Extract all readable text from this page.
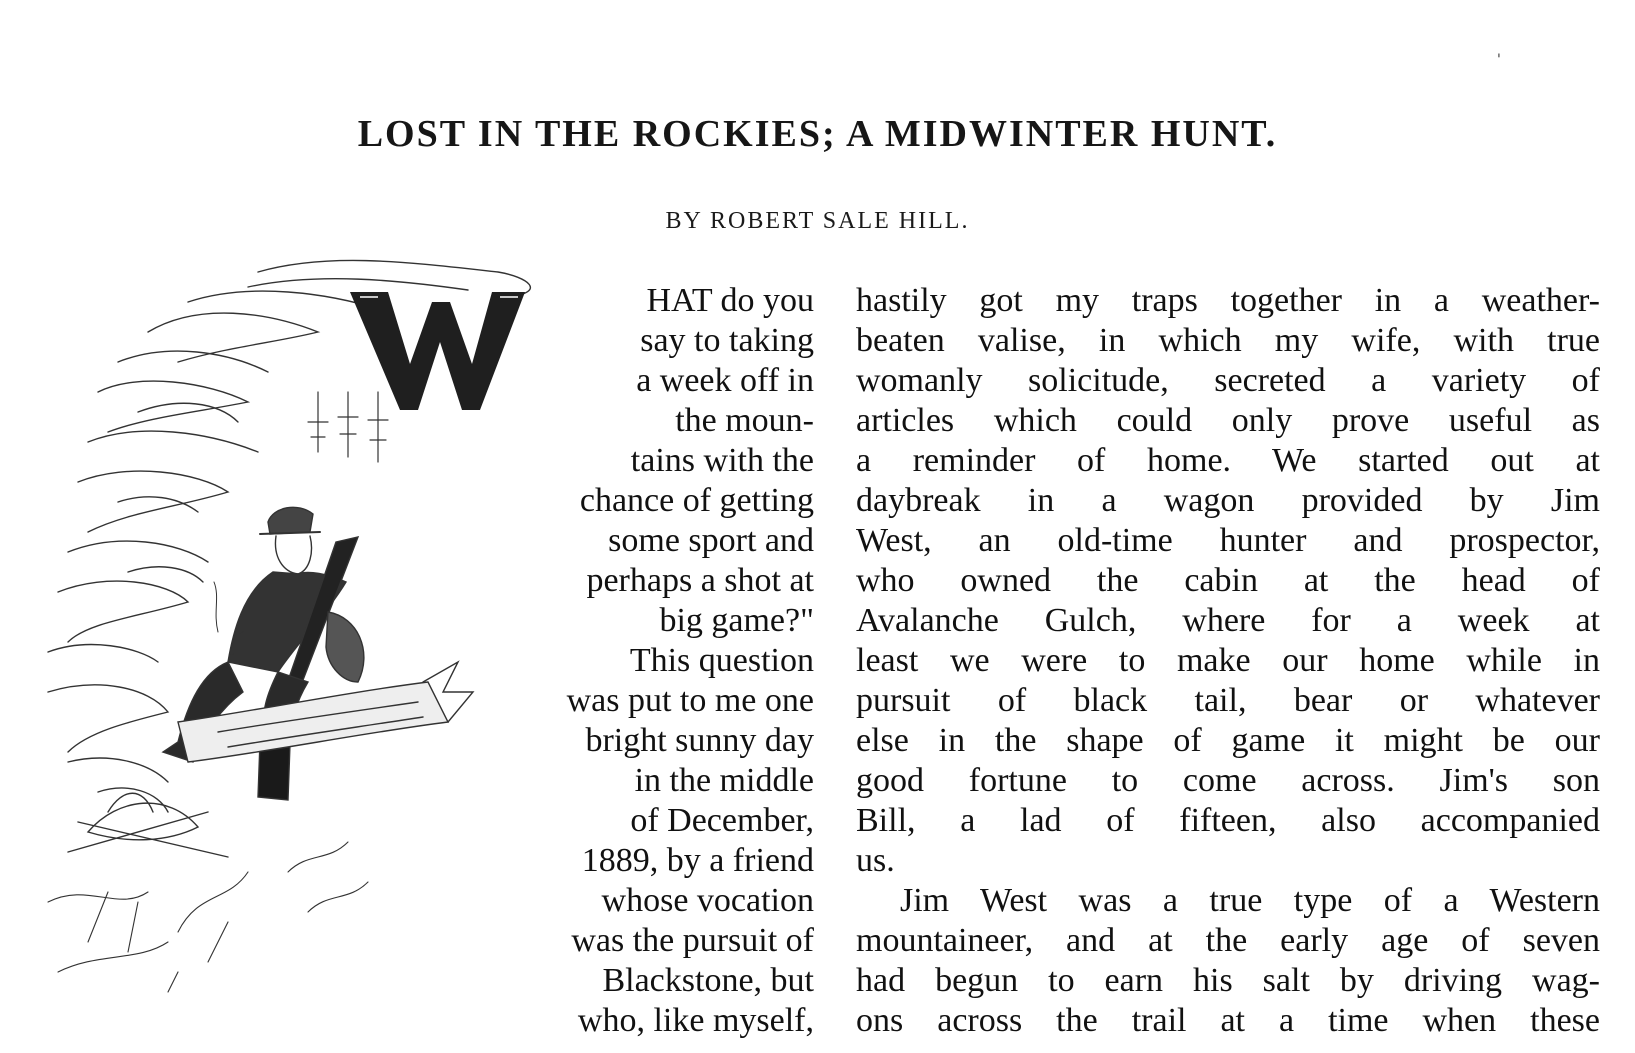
'
LOST IN THE ROCKIES; A MIDWINTER HUNT.
BY ROBERT SALE HILL.
HAT do you
say to taking
a week off in
the moun-
tains with the
chance of getting
some sport and
perhaps a shot at
big game?"
This question
was put to me one
bright sunny day
in the middle
of December,
1889, by a friend
whose vocation
was the pursuit of
Blackstone, but
who, like myself,
hastily got my traps together in a weather-
beaten valise, in which my wife, with true
womanly solicitude, secreted a variety of
articles which could only prove useful as
a reminder of home. We started out at
daybreak in a wagon provided by Jim
West, an old-time hunter and prospector,
who owned the cabin at the head of
Avalanche Gulch, where for a week at
least we were to make our home while in
pursuit of black tail, bear or whatever
else in the shape of game it might be our
good fortune to come across. Jim's son
Bill, a lad of fifteen, also accompanied
us.
Jim West was a true type of a Western
mountaineer, and at the early age of seven
had begun to earn his salt by driving wag-
ons across the trail at a time when these
